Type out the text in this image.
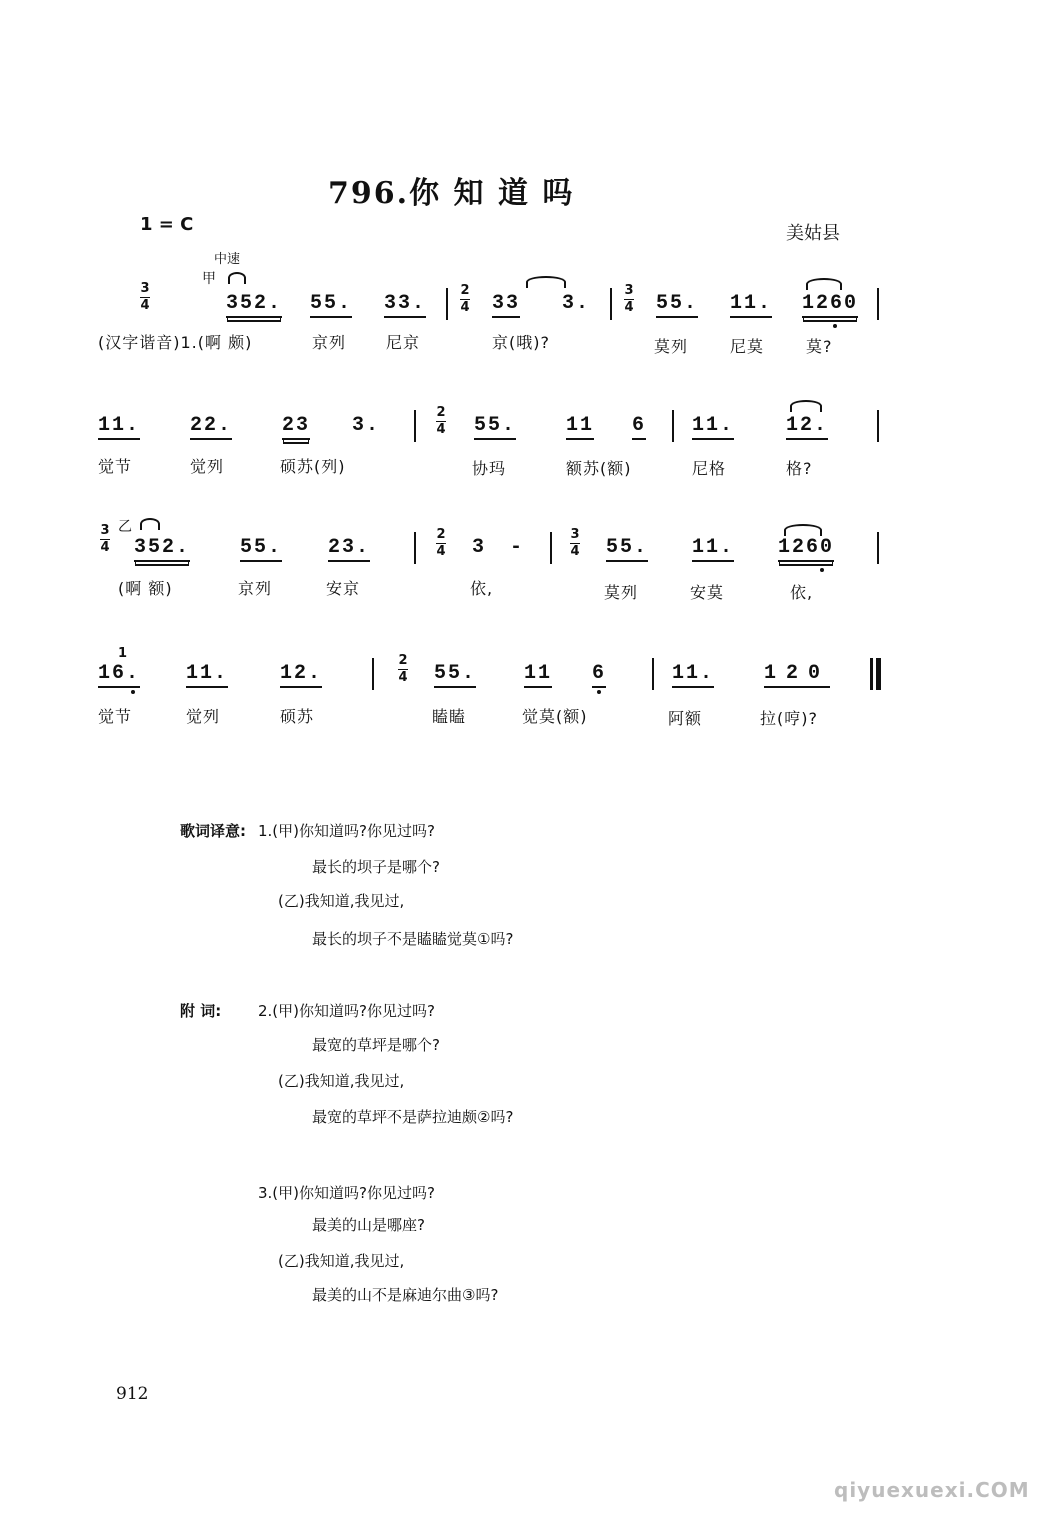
796.你 知 道 吗
1 = C	美姑县
中速
甲
3
4	352. 55. 33.
2
4 33 3.
3
4 55. 11. 1260
(汉字谐音)1.(啊 颇)	京列 尼京	京(哦)?	莫列	尼莫	莫?
11. 22. 23 3.
2
4 55. 11 6 11.	12.
觉节	觉列	硕苏(列)	协玛	额苏(额)	尼格	格?
3
4
乙
352. 55. 23.
2
4 3 -
3
4 55. 11. 1260
(啊 额)	京列	安京	依,	莫列	安莫	依,
1
16. 11.	12.
2
4 55. 11 6	11. 120
觉节	觉列	硕苏	瞌瞌	觉莫(额)	阿额	拉(哼)?
歌词译意: 1.(甲)你知道吗?你见过吗?
最长的坝子是哪个?
(乙)我知道,我见过,
最长的坝子不是瞌瞌觉莫①吗?
附 词: 2.(甲)你知道吗?你见过吗?
最宽的草坪是哪个?
(乙)我知道,我见过,
最宽的草坪不是萨拉迪颇②吗?
3.(甲)你知道吗?你见过吗?
最美的山是哪座?
(乙)我知道,我见过,
最美的山不是麻迪尔曲③吗?
912
qiyuexuexi.COM
